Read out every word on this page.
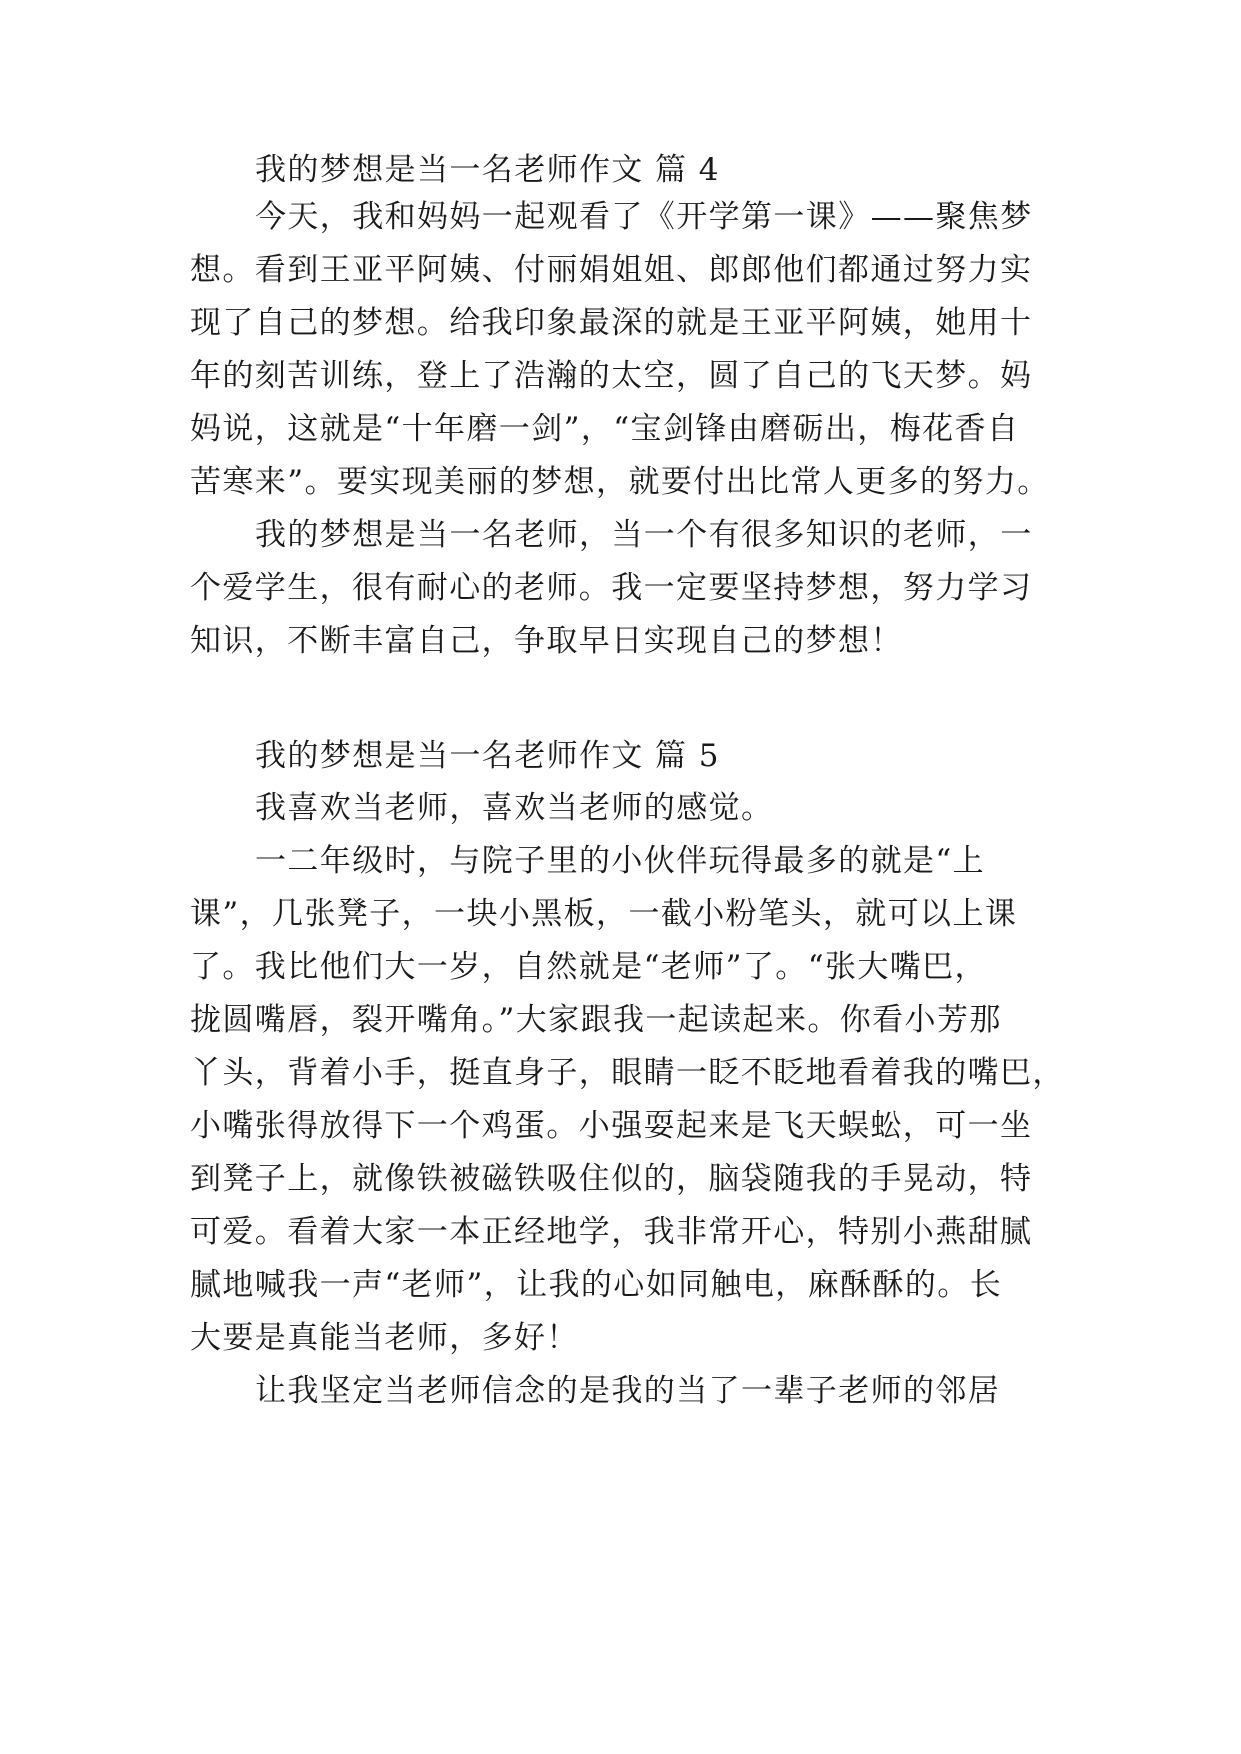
我的梦想是当一名老师作文 篇 4
今天，我和妈妈一起观看了《开学第一课》——聚焦梦
想。看到王亚平阿姨、付丽娟姐姐、郎郎他们都通过努力实
现了自己的梦想。给我印象最深的就是王亚平阿姨，她用十
年的刻苦训练，登上了浩瀚的太空，圆了自己的飞天梦。妈
妈说，这就是“十年磨一剑”，“宝剑锋由磨砺出，梅花香自
苦寒来”。要实现美丽的梦想，就要付出比常人更多的努力。
我的梦想是当一名老师，当一个有很多知识的老师，一
个爱学生，很有耐心的老师。我一定要坚持梦想，努力学习
知识，不断丰富自己，争取早日实现自己的梦想！
我的梦想是当一名老师作文 篇 5
我喜欢当老师，喜欢当老师的感觉。
一二年级时，与院子里的小伙伴玩得最多的就是“上
课”，几张凳子，一块小黑板，一截小粉笔头，就可以上课
了。我比他们大一岁，自然就是“老师”了。“张大嘴巴，
拢圆嘴唇，裂开嘴角。”大家跟我一起读起来。你看小芳那
丫头，背着小手，挺直身子，眼睛一眨不眨地看着我的嘴巴，
小嘴张得放得下一个鸡蛋。小强耍起来是飞天蜈蚣，可一坐
到凳子上，就像铁被磁铁吸住似的，脑袋随我的手晃动，特
可爱。看着大家一本正经地学，我非常开心，特别小燕甜腻
腻地喊我一声“老师”，让我的心如同触电，麻酥酥的。长
大要是真能当老师，多好！
让我坚定当老师信念的是我的当了一辈子老师的邻居
